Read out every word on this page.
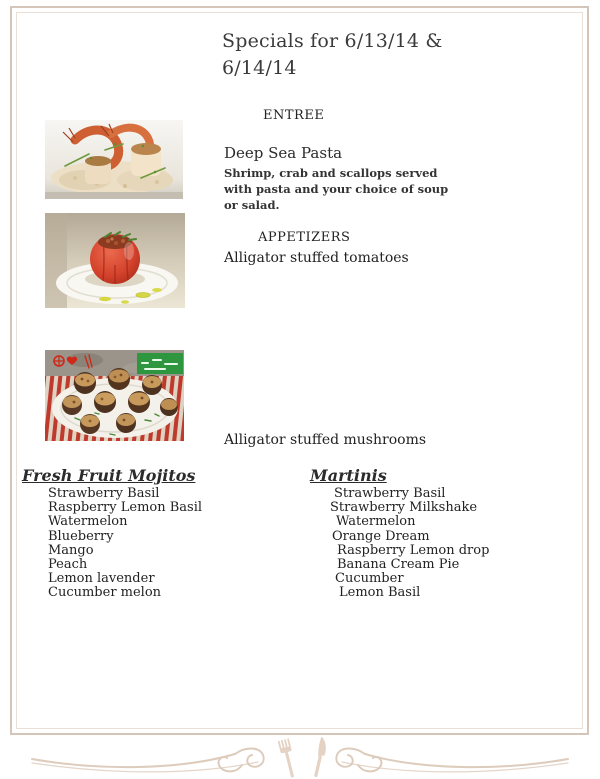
Specials for 6/13/14 & 6/14/14
ENTREE
Deep Sea Pasta
Shrimp, crab and scallops served with pasta and your choice of soup or salad.
APPETIZERS
Alligator stuffed tomatoes
Alligator stuffed mushrooms
Fresh Fruit Mojitos
Strawberry Basil
Raspberry Lemon Basil
Watermelon
Blueberry
Mango
Peach
Lemon lavender
Cucumber melon
Martinis
Strawberry Basil
Strawberry Milkshake
Watermelon
Orange Dream
Raspberry Lemon drop
Banana Cream Pie
Cucumber
Lemon Basil
